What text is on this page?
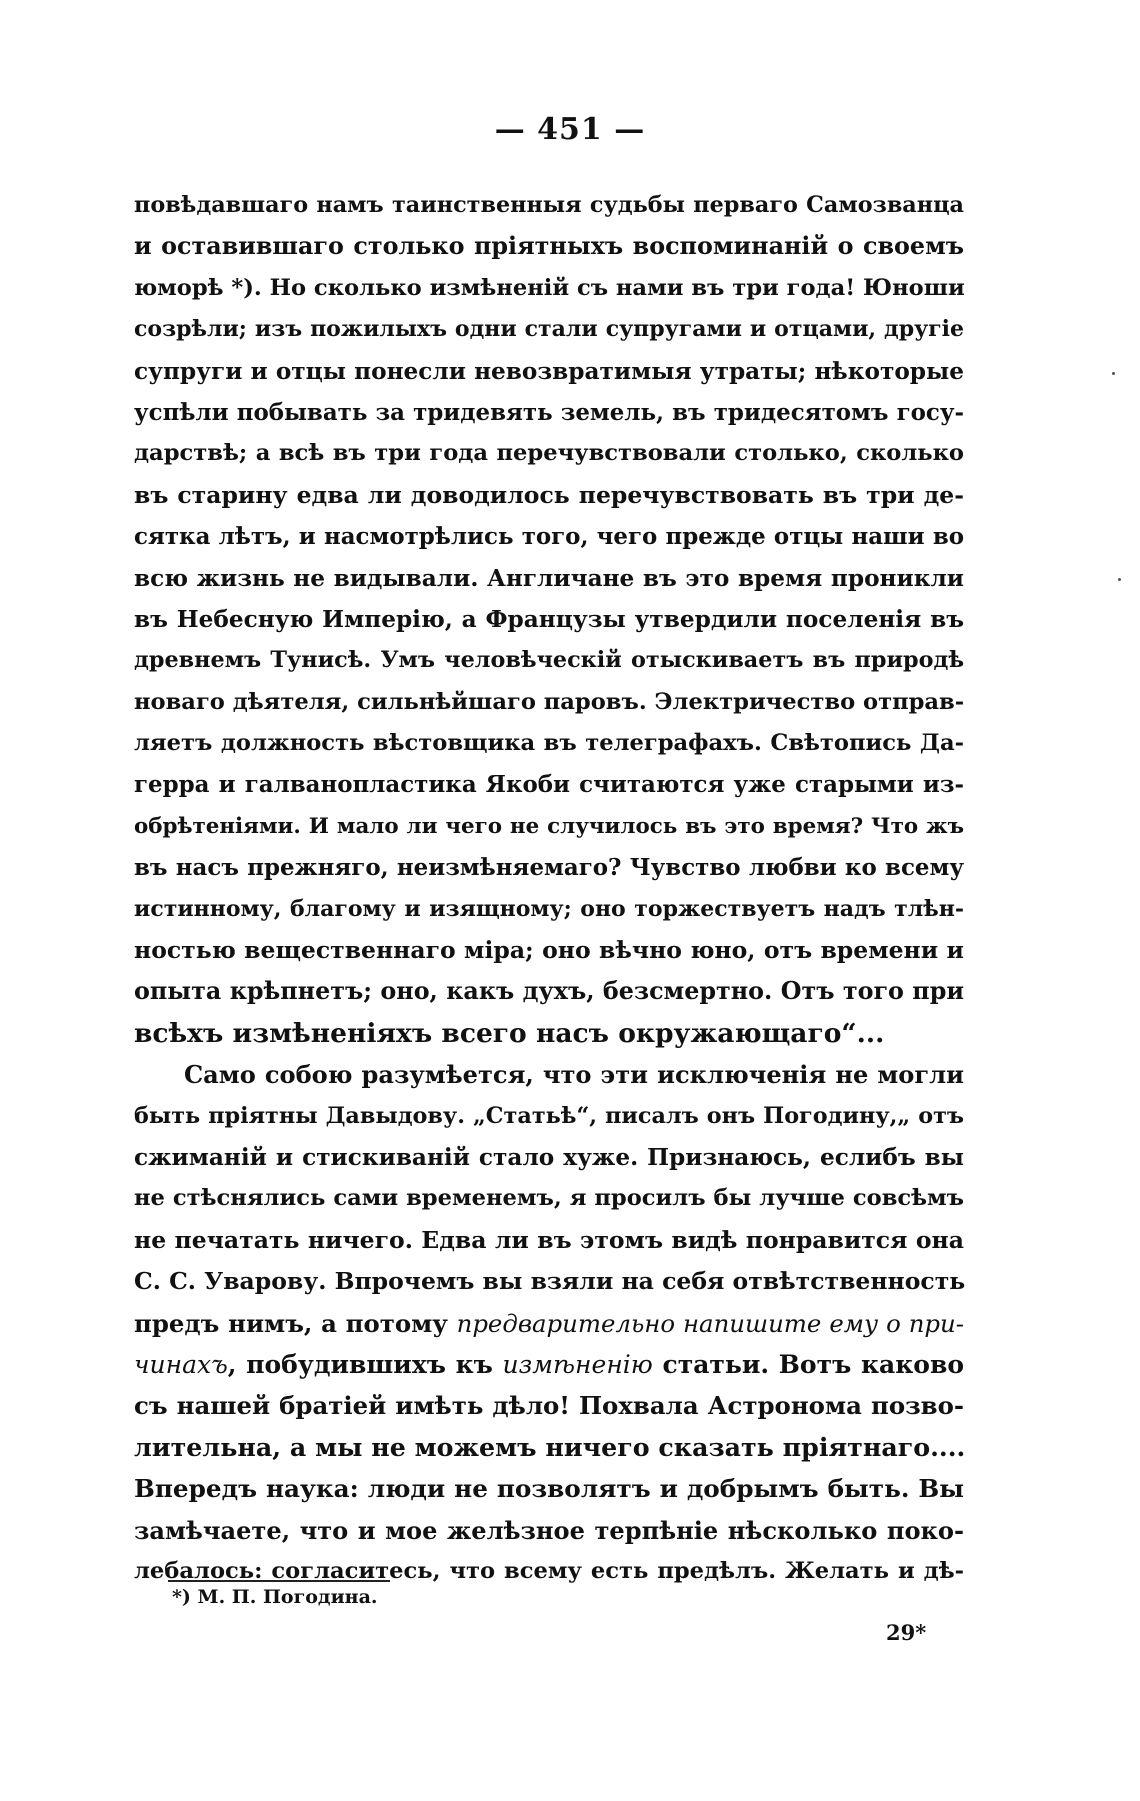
— 451 —
повѣдавшаго намъ таинственныя судьбы перваго Самозванца
и оставившаго столько пріятныхъ воспоминаній о своемъ
юморѣ *). Но сколько измѣненій съ нами въ три года! Юноши
созрѣли; изъ пожилыхъ одни стали супругами и отцами, другіе
супруги и отцы понесли невозвратимыя утраты; нѣкоторые
успѣли побывать за тридевять земель, въ тридесятомъ госу-
дарствѣ; а всѣ въ три года перечувствовали столько, сколько
въ старину едва ли доводилось перечувствовать въ три де-
сятка лѣтъ, и насмотрѣлись того, чего прежде отцы наши во
всю жизнь не видывали. Англичане въ это время проникли
въ Небесную Имперію, а Французы утвердили поселенія въ
древнемъ Тунисѣ. Умъ человѣческій отыскиваетъ въ природѣ
новаго дѣятеля, сильнѣйшаго паровъ. Электричество отправ-
ляетъ должность вѣстовщика въ телеграфахъ. Свѣтопись Да-
герра и галванопластика Якоби считаются уже старыми из-
обрѣтеніями. И мало ли чего не случилось въ это время? Что жъ
въ насъ прежняго, неизмѣняемаго? Чувство любви ко всему
истинному, благому и изящному; оно торжествуетъ надъ тлѣн-
ностью вещественнаго міра; оно вѣчно юно, отъ времени и
опыта крѣпнетъ; оно, какъ духъ, безсмертно. Отъ того при
всѣхъ измѣненіяхъ всего насъ окружающаго“...
Само собою разумѣется, что эти исключенія не могли
быть пріятны Давыдову. „Статьѣ“, писалъ онъ Погодину,„ отъ
сжиманій и стискиваній стало хуже. Признаюсь, еслибъ вы
не стѣснялись сами временемъ, я просилъ бы лучше совсѣмъ
не печатать ничего. Едва ли въ этомъ видѣ понравится она
С. С. Уварову. Впрочемъ вы взяли на себя отвѣтственность
предъ нимъ, а потому предварительно напишите ему о при-
чинахъ, побудившихъ къ измѣненію статьи. Вотъ каково
съ нашей братіей имѣть дѣло! Похвала Астронома позво-
лительна, а мы не можемъ ничего сказать пріятнаго....
Впередъ наука: люди не позволятъ и добрымъ быть. Вы
замѣчаете, что и мое желѣзное терпѣніе нѣсколько поко-
лебалось: согласитесь, что всему есть предѣлъ. Желать и дѣ-
*) М. П. Погодина.
29*
